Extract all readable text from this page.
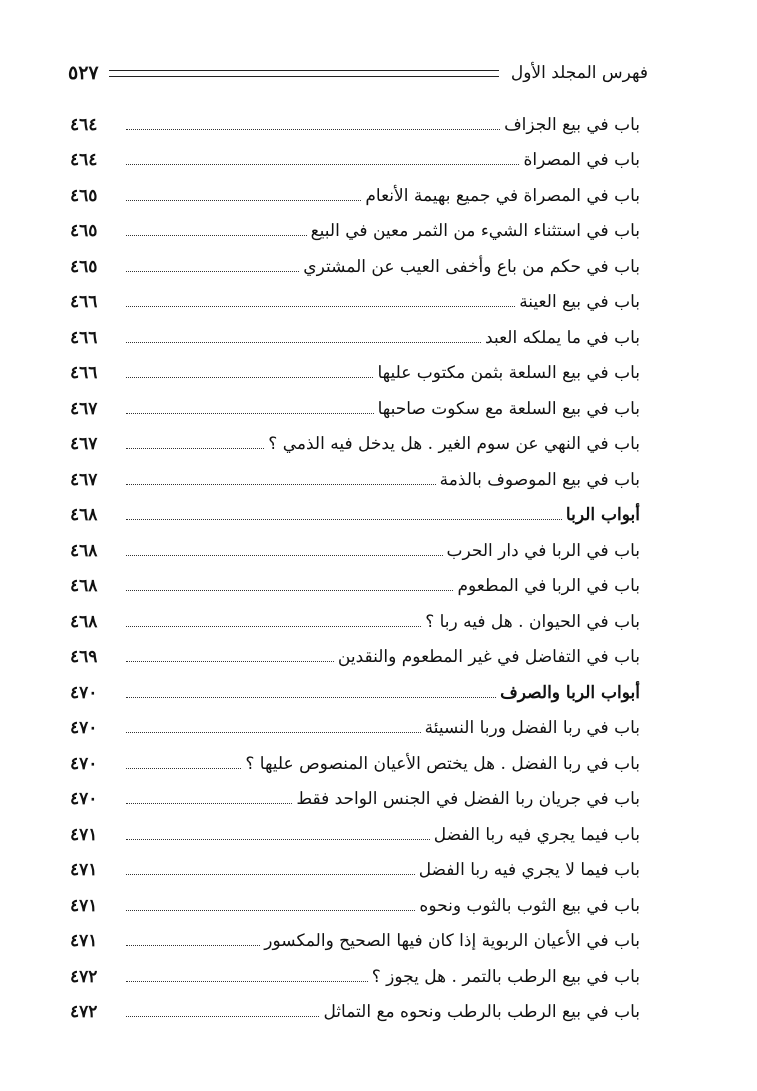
فهرس المجلد الأول
٥٢٧
باب في بيع الجزاف
٤٦٤
باب في المصراة
٤٦٤
باب في المصراة في جميع بهيمة الأنعام
٤٦٥
باب في استثناء الشيء من الثمر معين في البيع
٤٦٥
باب في حكم من باع وأخفى العيب عن المشتري
٤٦٥
باب في بيع العينة
٤٦٦
باب في ما يملكه العبد
٤٦٦
باب في بيع السلعة بثمن مكتوب عليها
٤٦٦
باب في بيع السلعة مع سكوت صاحبها
٤٦٧
باب في النهي عن سوم الغير . هل يدخل فيه الذمي ؟
٤٦٧
باب في بيع الموصوف بالذمة
٤٦٧
أبواب الربا
٤٦٨
باب في الربا في دار الحرب
٤٦٨
باب في الربا في المطعوم
٤٦٨
باب في الحيوان . هل فيه ربا ؟
٤٦٨
باب في التفاضل في غير المطعوم والنقدين
٤٦٩
أبواب الربا والصرف
٤٧٠
باب في ربا الفضل وربا النسيئة
٤٧٠
باب في ربا الفضل . هل يختص الأعيان المنصوص عليها ؟
٤٧٠
باب في جريان ربا الفضل في الجنس الواحد فقط
٤٧٠
باب فيما يجري فيه ربا الفضل
٤٧١
باب فيما لا يجري فيه ربا الفضل
٤٧١
باب في بيع الثوب بالثوب ونحوه
٤٧١
باب في الأعيان الربوية إذا كان فيها الصحيح والمكسور
٤٧١
باب في بيع الرطب بالتمر . هل يجوز ؟
٤٧٢
باب في بيع الرطب بالرطب ونحوه مع التماثل
٤٧٢
